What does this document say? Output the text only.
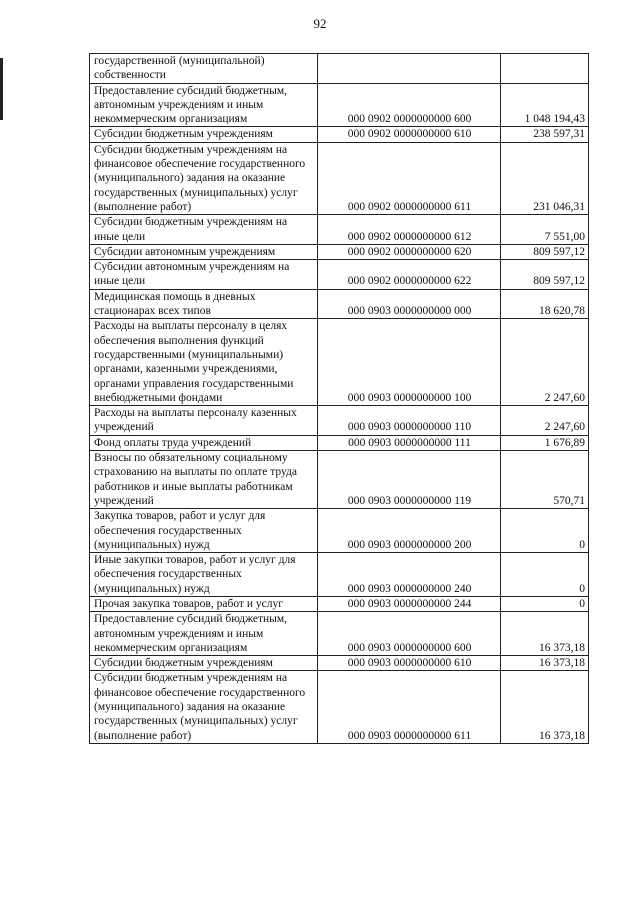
92
государственной (муниципальной) собственности		
Предоставление субсидий бюджетным, автономным учреждениям и иным некоммерческим организациям	000 0902 0000000000 600	1 048 194,43
Субсидии бюджетным учреждениям	000 0902 0000000000 610	238 597,31
Субсидии бюджетным учреждениям на финансовое обеспечение государственного (муниципального) задания на оказание государственных (муниципальных) услуг (выполнение работ)	000 0902 0000000000 611	231 046,31
Субсидии бюджетным учреждениям на иные цели	000 0902 0000000000 612	7 551,00
Субсидии автономным учреждениям	000 0902 0000000000 620	809 597,12
Субсидии автономным учреждениям на иные цели	000 0902 0000000000 622	809 597,12
Медицинская помощь в дневных стационарах всех типов	000 0903 0000000000 000	18 620,78
Расходы на выплаты персоналу в целях обеспечения выполнения функций государственными (муниципальными) органами, казенными учреждениями, органами управления государственными внебюджетными фондами	000 0903 0000000000 100	2 247,60
Расходы на выплаты персоналу казенных учреждений	000 0903 0000000000 110	2 247,60
Фонд оплаты труда учреждений	000 0903 0000000000 111	1 676,89
Взносы по обязательному социальному страхованию на выплаты по оплате труда работников и иные выплаты работникам учреждений	000 0903 0000000000 119	570,71
Закупка товаров, работ и услуг для обеспечения государственных (муниципальных) нужд	000 0903 0000000000 200	0
Иные закупки товаров, работ и услуг для обеспечения государственных (муниципальных) нужд	000 0903 0000000000 240	0
Прочая закупка товаров, работ и услуг	000 0903 0000000000 244	0
Предоставление субсидий бюджетным, автономным учреждениям и иным некоммерческим организациям	000 0903 0000000000 600	16 373,18
Субсидии бюджетным учреждениям	000 0903 0000000000 610	16 373,18
Субсидии бюджетным учреждениям на финансовое обеспечение государственного (муниципального) задания на оказание государственных (муниципальных) услуг (выполнение работ)	000 0903 0000000000 611	16 373,18
